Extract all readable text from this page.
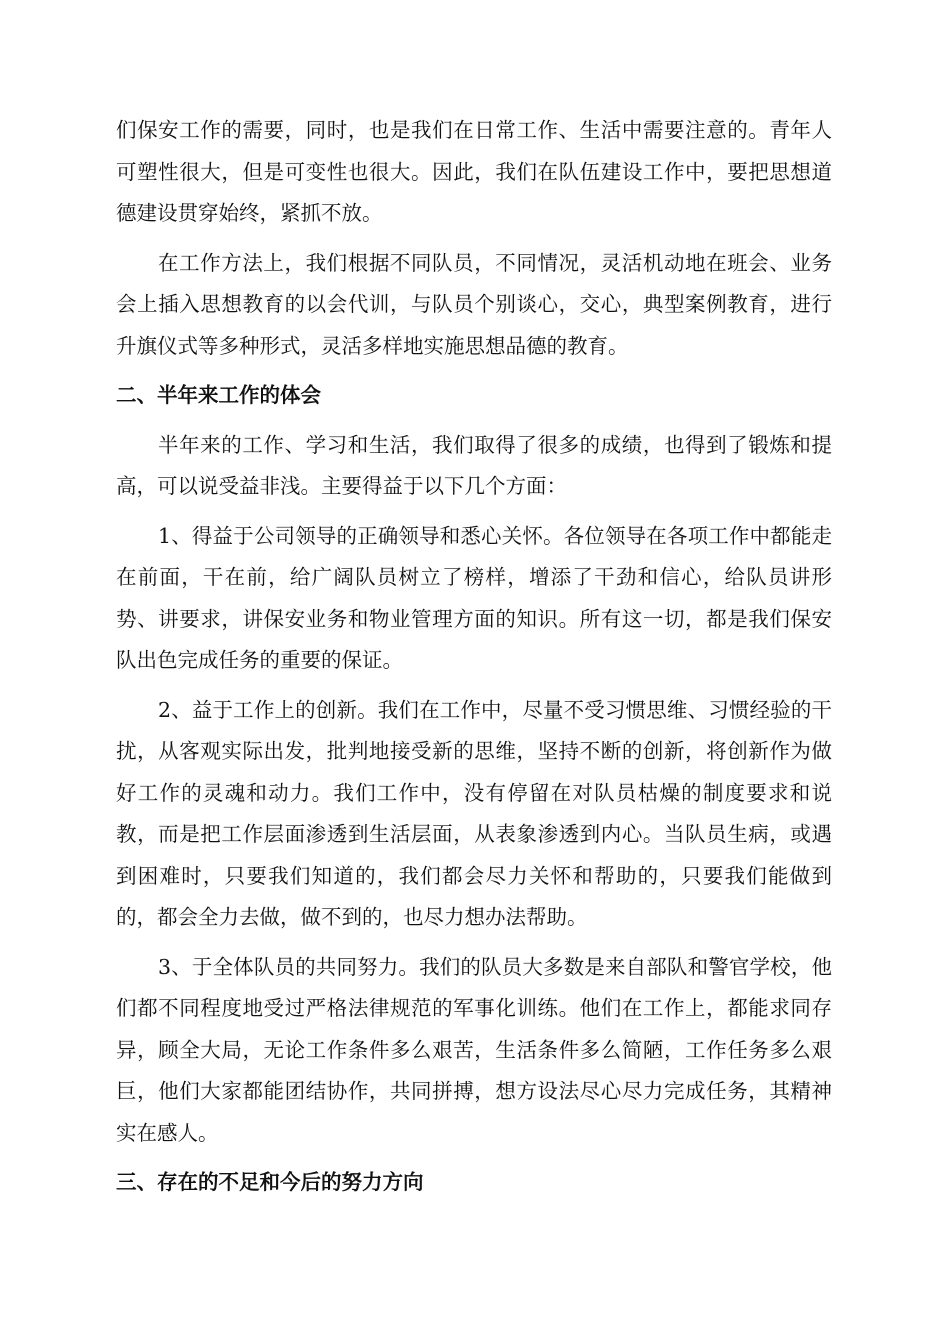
们保安工作的需要，同时，也是我们在日常工作、生活中需要注意的。青年人可塑性很大，但是可变性也很大。因此，我们在队伍建设工作中，要把思想道德建设贯穿始终，紧抓不放。

在工作方法上，我们根据不同队员，不同情况，灵活机动地在班会、业务会上插入思想教育的以会代训，与队员个别谈心，交心，典型案例教育，进行升旗仪式等多种形式，灵活多样地实施思想品德的教育。

二、半年来工作的体会

半年来的工作、学习和生活，我们取得了很多的成绩，也得到了锻炼和提高，可以说受益非浅。主要得益于以下几个方面：

1、得益于公司领导的正确领导和悉心关怀。各位领导在各项工作中都能走在前面，干在前，给广阔队员树立了榜样，增添了干劲和信心，给队员讲形势、讲要求，讲保安业务和物业管理方面的知识。所有这一切，都是我们保安队出色完成任务的重要的保证。

2、益于工作上的创新。我们在工作中，尽量不受习惯思维、习惯经验的干扰，从客观实际出发，批判地接受新的思维，坚持不断的创新，将创新作为做好工作的灵魂和动力。我们工作中，没有停留在对队员枯燥的制度要求和说教，而是把工作层面渗透到生活层面，从表象渗透到内心。当队员生病，或遇到困难时，只要我们知道的，我们都会尽力关怀和帮助的，只要我们能做到的，都会全力去做，做不到的，也尽力想办法帮助。

3、于全体队员的共同努力。我们的队员大多数是来自部队和警官学校，他们都不同程度地受过严格法律规范的军事化训练。他们在工作上，都能求同存异，顾全大局，无论工作条件多么艰苦，生活条件多么简陋，工作任务多么艰巨，他们大家都能团结协作，共同拼搏，想方设法尽心尽力完成任务，其精神实在感人。

三、存在的不足和今后的努力方向
